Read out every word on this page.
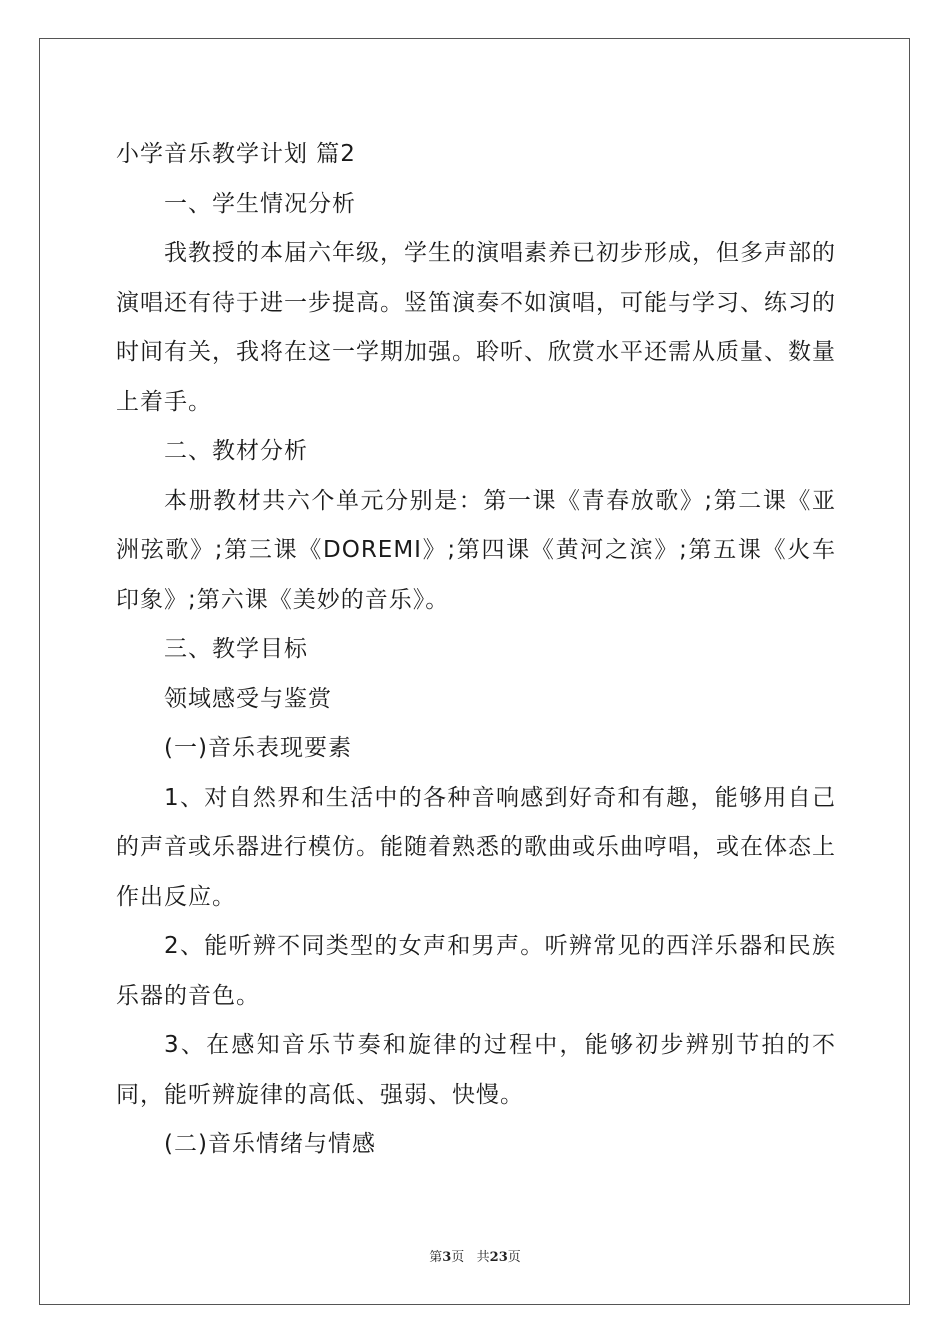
小学音乐教学计划 篇2

一、学生情况分析

我教授的本届六年级，学生的演唱素养已初步形成，但多声部的演唱还有待于进一步提高。竖笛演奏不如演唱，可能与学习、练习的时间有关，我将在这一学期加强。聆听、欣赏水平还需从质量、数量上着手。

二、教材分析

本册教材共六个单元分别是：第一课《青春放歌》;第二课《亚洲弦歌》;第三课《DOREMI》;第四课《黄河之滨》;第五课《火车印象》;第六课《美妙的音乐》。

三、教学目标

领域感受与鉴赏

(一)音乐表现要素

1、对自然界和生活中的各种音响感到好奇和有趣，能够用自己的声音或乐器进行模仿。能随着熟悉的歌曲或乐曲哼唱，或在体态上作出反应。

2、能听辨不同类型的女声和男声。听辨常见的西洋乐器和民族乐器的音色。

3、在感知音乐节奏和旋律的过程中，能够初步辨别节拍的不同，能听辨旋律的高低、强弱、快慢。

(二)音乐情绪与情感

第3页   共23页
